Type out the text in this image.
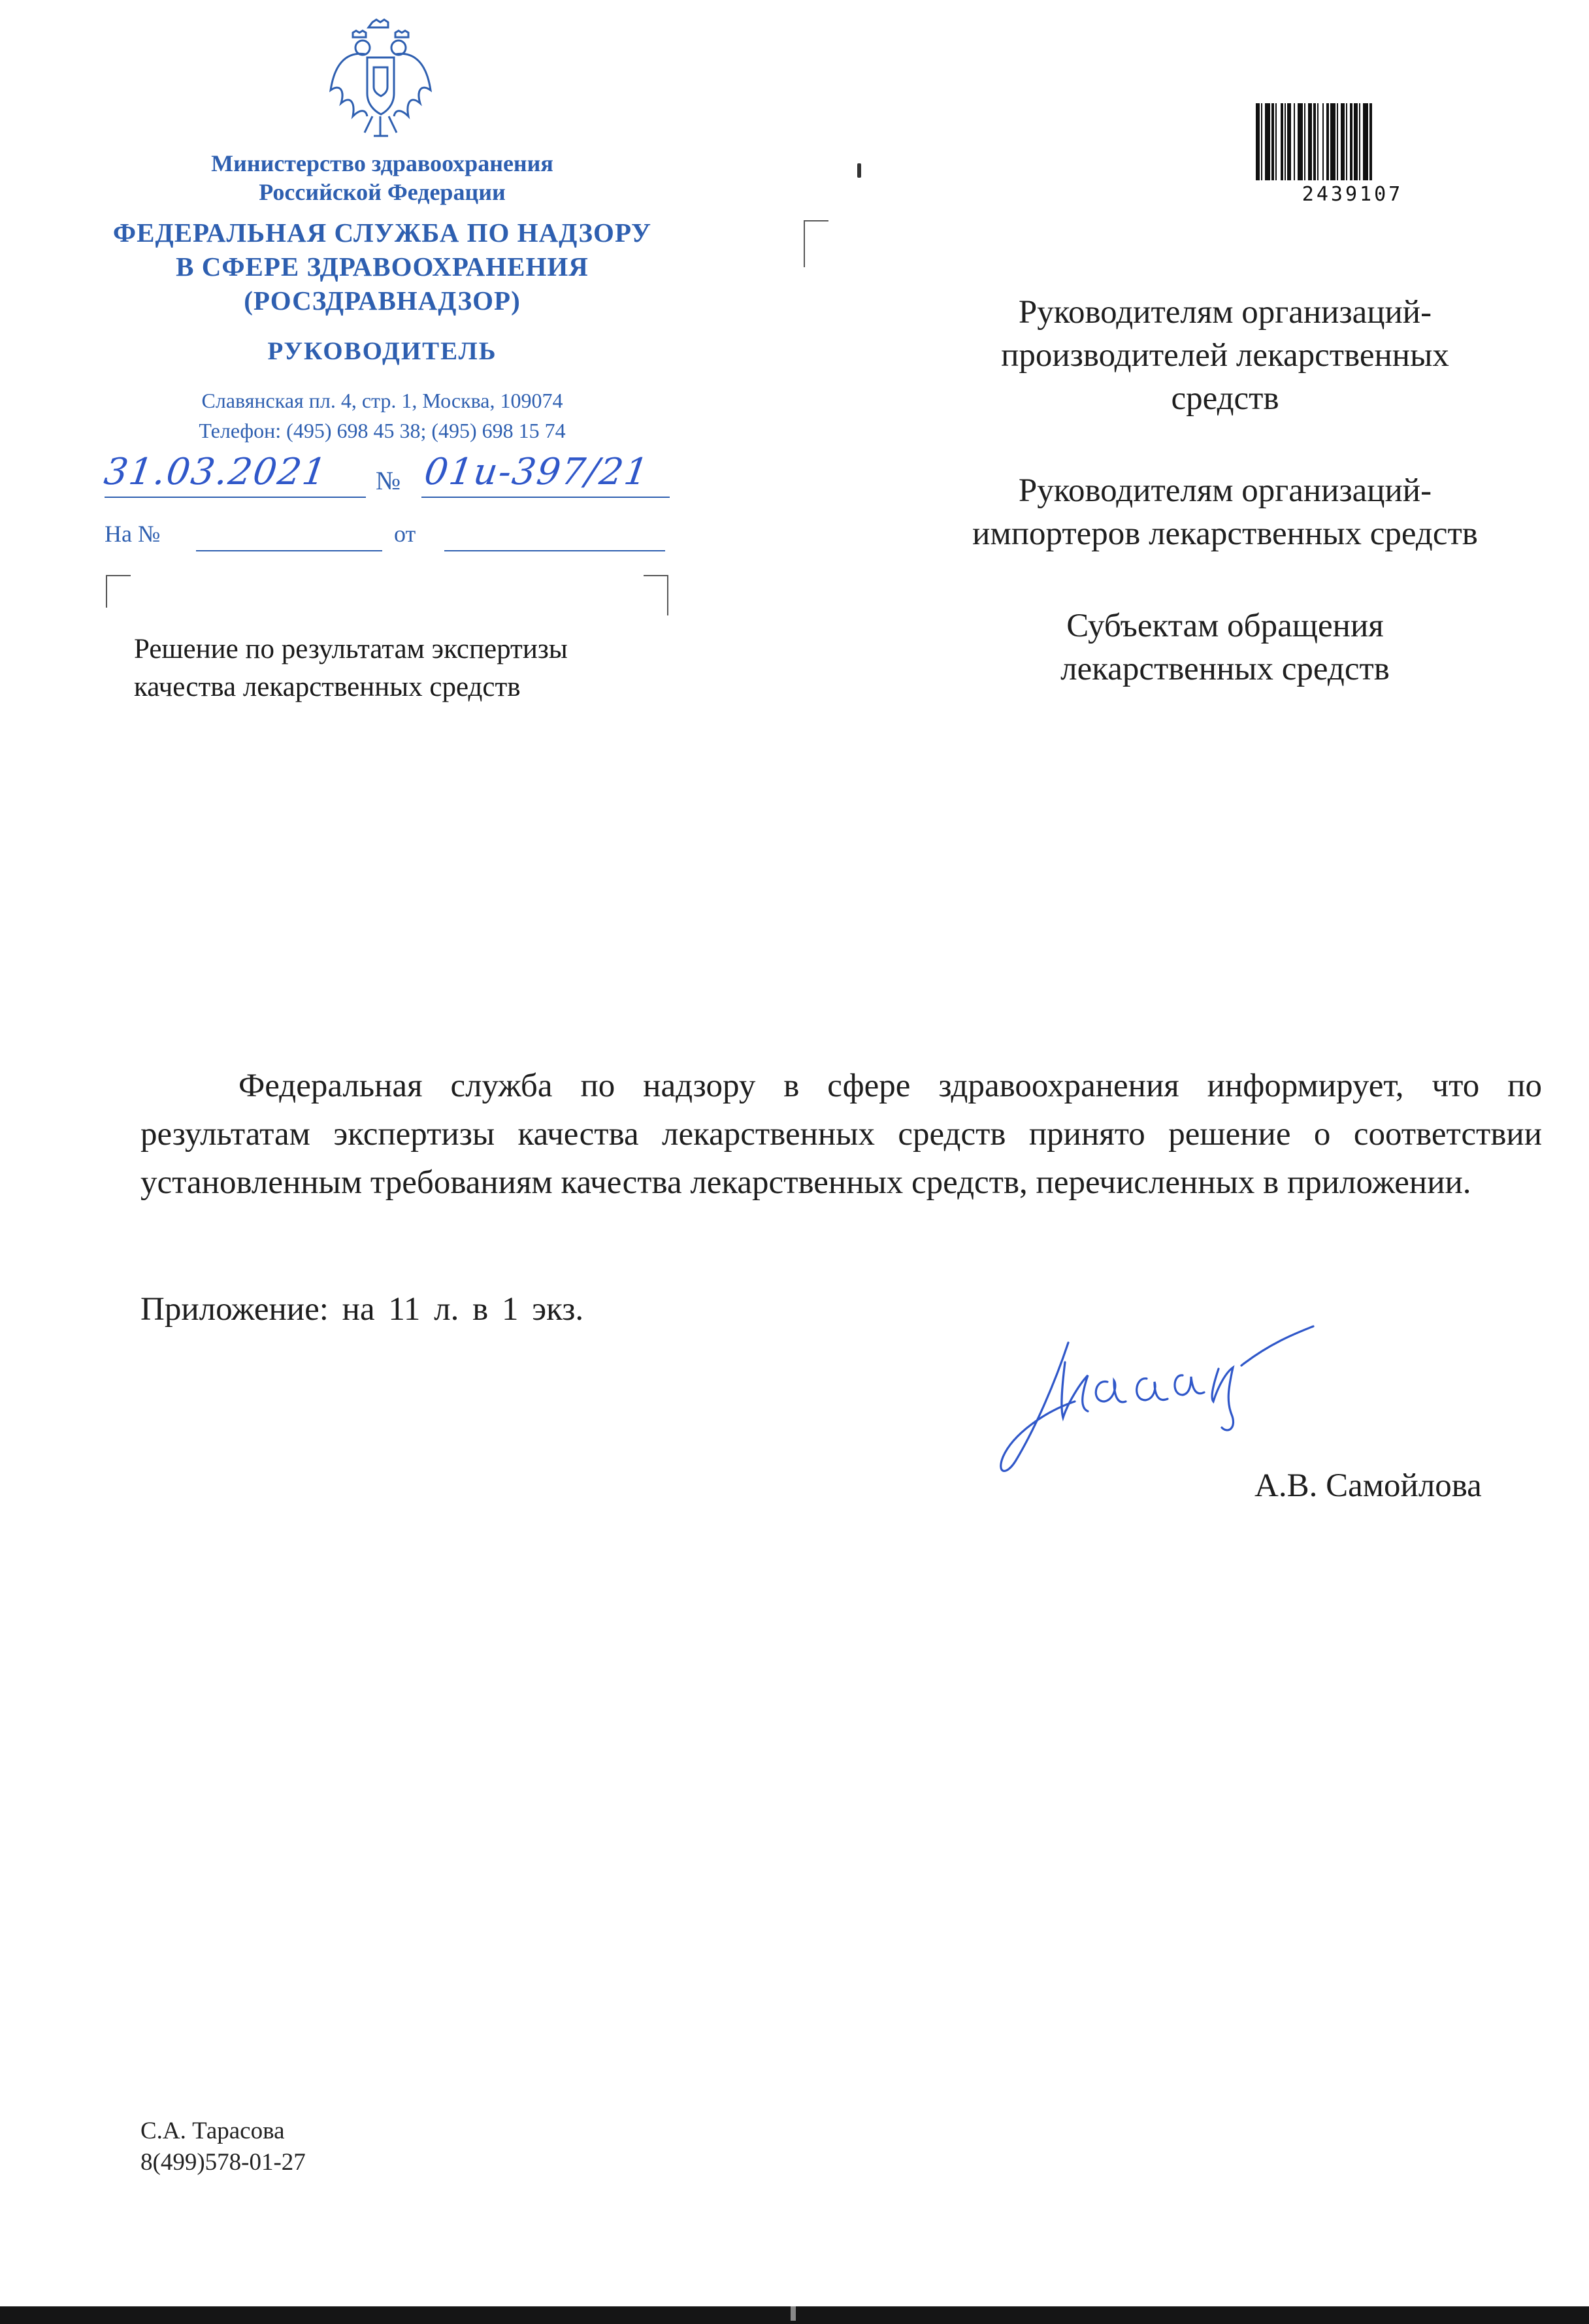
Министерство здравоохранения
Российской Федерации
ФЕДЕРАЛЬНАЯ СЛУЖБА ПО НАДЗОРУ
В СФЕРЕ ЗДРАВООХРАНЕНИЯ
(РОСЗДРАВНАДЗОР)
РУКОВОДИТЕЛЬ
Славянская пл. 4, стр. 1, Москва, 109074
Телефон: (495) 698 45 38; (495) 698 15 74
31.03.2021 № 01и-397/21
На №	от
Решение по результатам экспертизы
качества лекарственных средств
2439107
Руководителям организаций-
производителей лекарственных
средств
Руководителям организаций-
импортеров лекарственных средств
Субъектам обращения
лекарственных средств
Федеральная служба по надзору в сфере здравоохранения информирует, что по результатам экспертизы качества лекарственных средств принято решение о соответствии установленным требованиям качества лекарственных средств, перечисленных в приложении.
Приложение: на 11 л. в 1 экз.
А.В. Самойлова
С.А. Тарасова
8(499)578-01-27
